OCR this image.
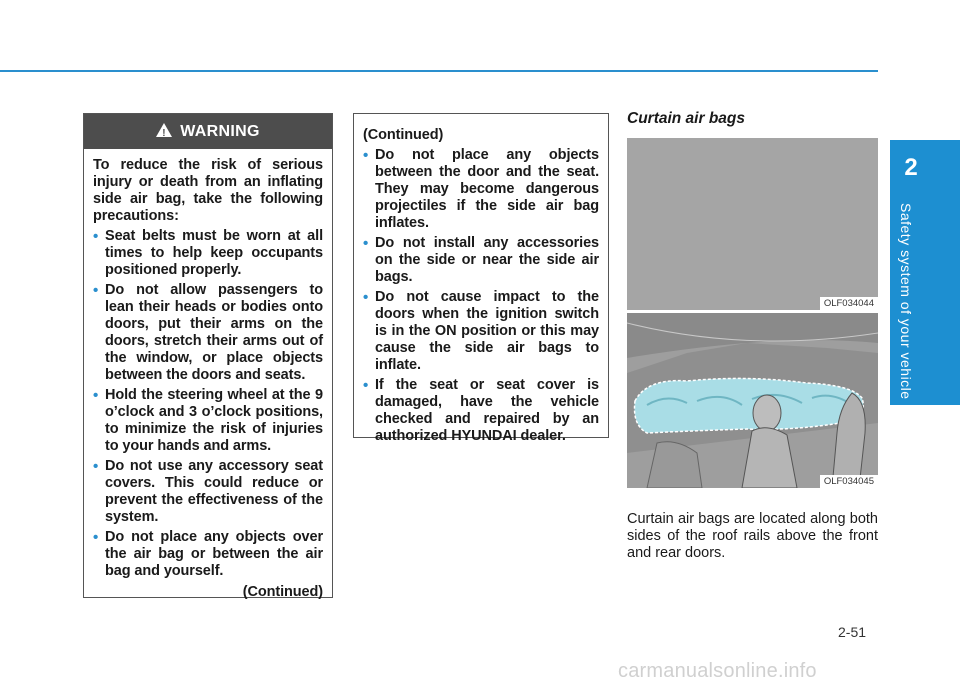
2
Safety system of your vehicle
!
WARNING

To reduce the risk of serious injury or death from an inflating side air bag, take the following precautions:

• Seat belts must be worn at all times to help keep occupants positioned properly.
• Do not allow passengers to lean their heads or bodies onto doors, put their arms on the doors, stretch their arms out of the window, or place objects between the doors and seats.
• Hold the steering wheel at the 9 o’clock and 3 o’clock positions, to minimize the risk of injuries to your hands and arms.
• Do not use any accessory seat covers. This could reduce or prevent the effectiveness of the system.
• Do not place any objects over the air bag or between the air bag and yourself.
(Continued)
(Continued)
• Do not place any objects between the door and the seat. They may become dangerous projectiles if the side air bag inflates.
• Do not install any accessories on the side or near the side air bags.
• Do not cause impact to the doors when the ignition switch is in the ON position or this may cause the side air bags to inflate.
• If the seat or seat cover is damaged, have the vehicle checked and repaired by an authorized HYUNDAI dealer.
Curtain air bags
OLF034044
OLF034045

Curtain air bags are located along both sides of the roof rails above the front and rear doors.

2-51
carmanualsonline.info
